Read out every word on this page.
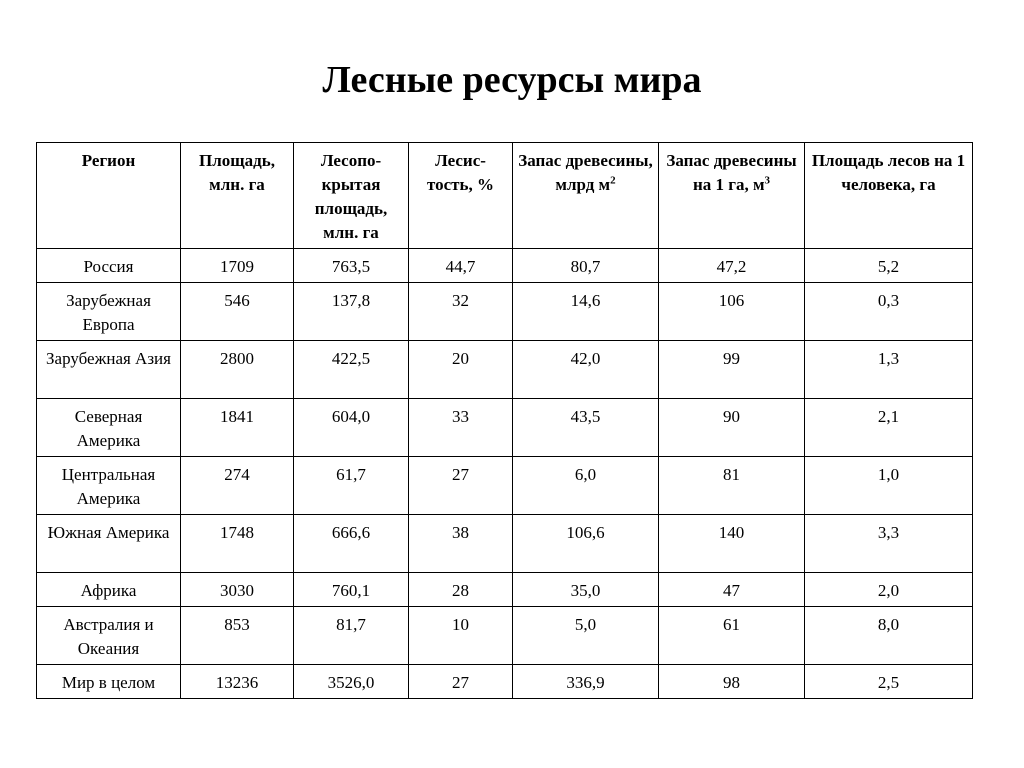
Лесные ресурсы мира
Регион	Площадь, млн. га	Лесопо-крытая площадь, млн. га	Лесис-тость, %	Запас древесины, млрд $м^2$	Запас древесины на 1 га, $м^3$	Площадь лесов на 1 человека, га
Россия	1709	763,5	44,7	80,7	47,2	5,2
Зарубежная Европа	546	137,8	32	14,6	106	0,3
Зарубежная Азия	2800	422,5	20	42,0	99	1,3
Северная Америка	1841	604,0	33	43,5	90	2,1
Центральная Америка	274	61,7	27	6,0	81	1,0
Южная Америка	1748	666,6	38	106,6	140	3,3
Африка	3030	760,1	28	35,0	47	2,0
Австралия и Океания	853	81,7	10	5,0	61	8,0
Мир в целом	13236	3526,0	27	336,9	98	2,5
